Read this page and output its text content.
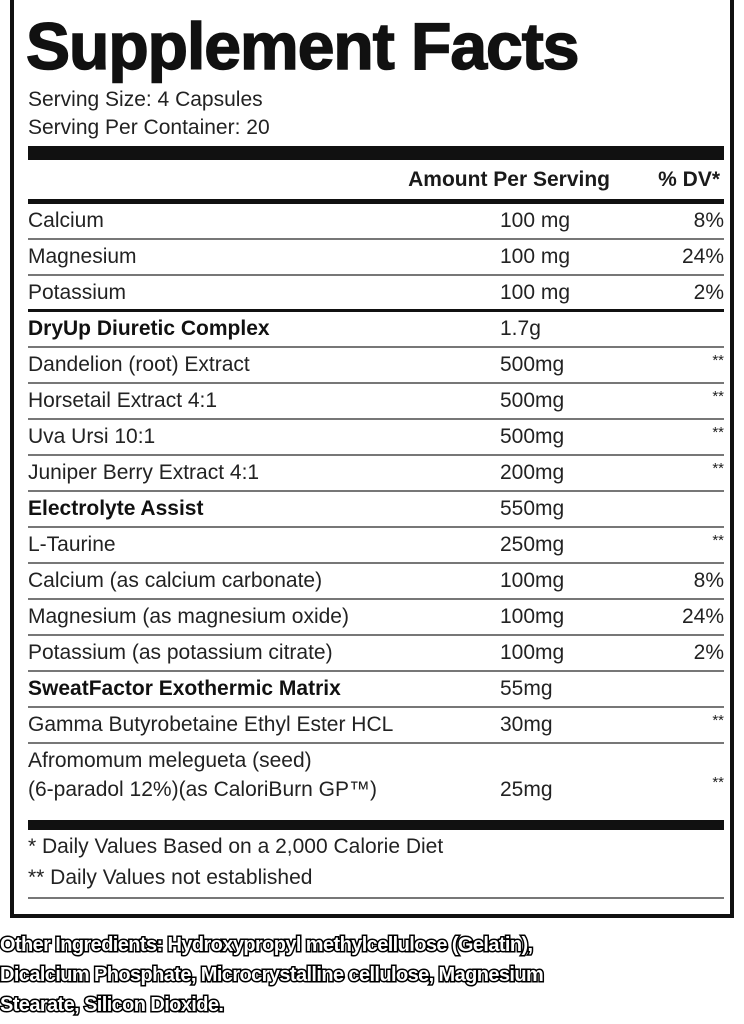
Supplement Facts
Serving Size: 4 Capsules
Serving Per Container: 20
Amount Per Serving % DV*
Calcium	100 mg	8%
Magnesium	100 mg	24%
Potassium	100 mg	2%
DryUp Diuretic Complex	1.7g
Dandelion (root) Extract	500mg	**
Horsetail Extract 4:1	500mg	**
Uva Ursi 10:1	500mg	**
Juniper Berry Extract 4:1	200mg	**
Electrolyte Assist	550mg
L-Taurine	250mg	**
Calcium (as calcium carbonate)	100mg	8%
Magnesium (as magnesium oxide)	100mg	24%
Potassium (as potassium citrate)	100mg	2%
SweatFactor Exothermic Matrix	55mg
Gamma Butyrobetaine Ethyl Ester HCL	30mg	**
Afromomum melegueta (seed)
(6-paradol 12%)(as CaloriBurn GP™)	25mg	**
* Daily Values Based on a 2,000 Calorie Diet
** Daily Values not established
Other Ingredients: Hydroxypropyl methylcellulose (Gelatin),
Dicalcium Phosphate, Microcrystalline cellulose, Magnesium
Stearate, Silicon Dioxide.
